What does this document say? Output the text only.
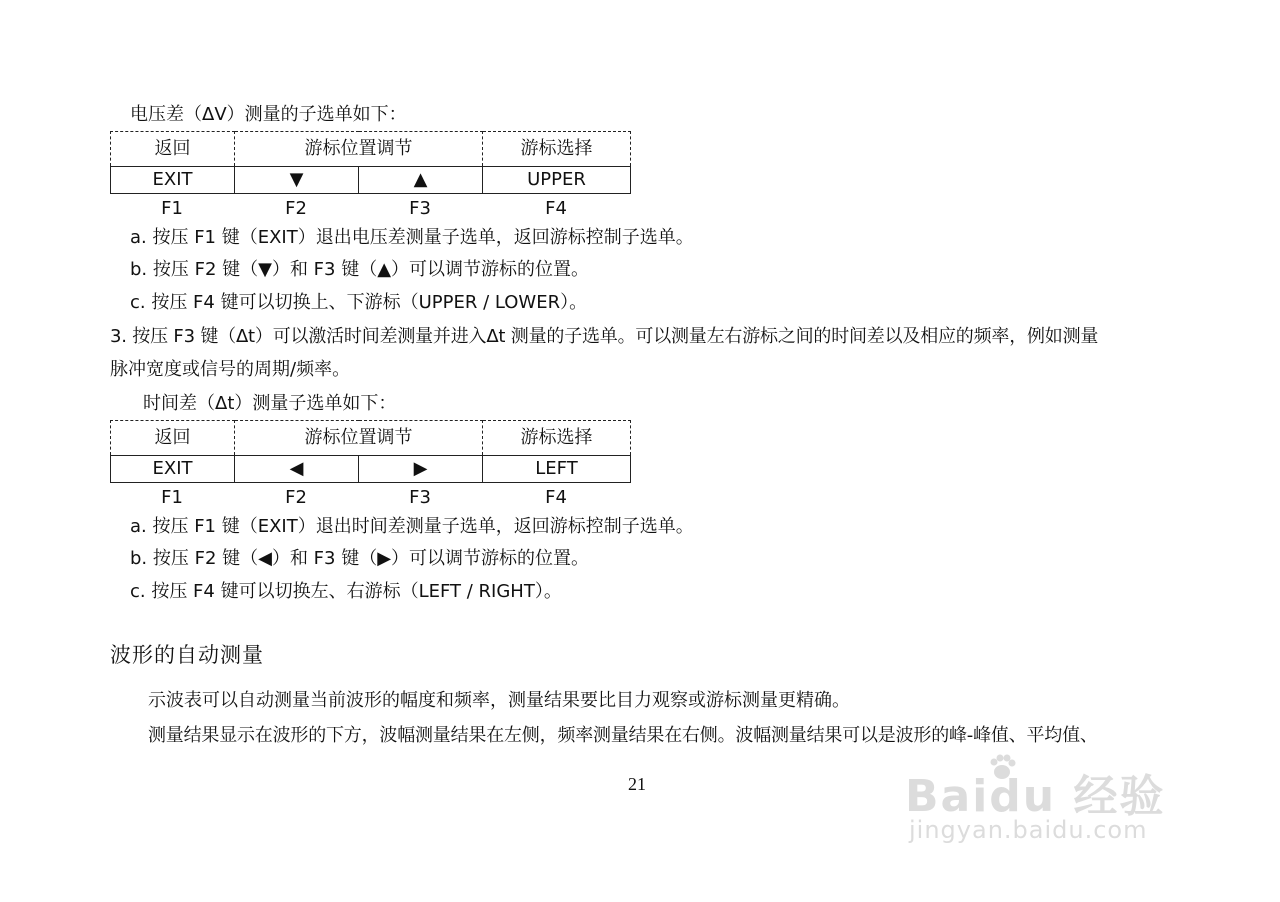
电压差（ΔV）测量的子选单如下：
返回	游标位置调节		游标选择
EXIT	▼	▲	UPPER
F1	F2	F3	F4
a. 按压 F1 键（EXIT）退出电压差测量子选单，返回游标控制子选单。
b. 按压 F2 键（▼）和 F3 键（▲）可以调节游标的位置。
c. 按压 F4 键可以切换上、下游标（UPPER / LOWER）。
3. 按压 F3 键（Δt）可以激活时间差测量并进入Δt 测量的子选单。可以测量左右游标之间的时间差以及相应的频率，例如测量
脉冲宽度或信号的周期/频率。
时间差（Δt）测量子选单如下：
返回	游标位置调节		游标选择
EXIT	◀	▶	LEFT
F1	F2	F3	F4
a. 按压 F1 键（EXIT）退出时间差测量子选单，返回游标控制子选单。
b. 按压 F2 键（◀）和 F3 键（▶）可以调节游标的位置。
c. 按压 F4 键可以切换左、右游标（LEFT / RIGHT）。
波形的自动测量
示波表可以自动测量当前波形的幅度和频率，测量结果要比目力观察或游标测量更精确。
测量结果显示在波形的下方，波幅测量结果在左侧，频率测量结果在右侧。波幅测量结果可以是波形的峰-峰值、平均值、
21	Baidu 经验
jingyan.baidu.com
